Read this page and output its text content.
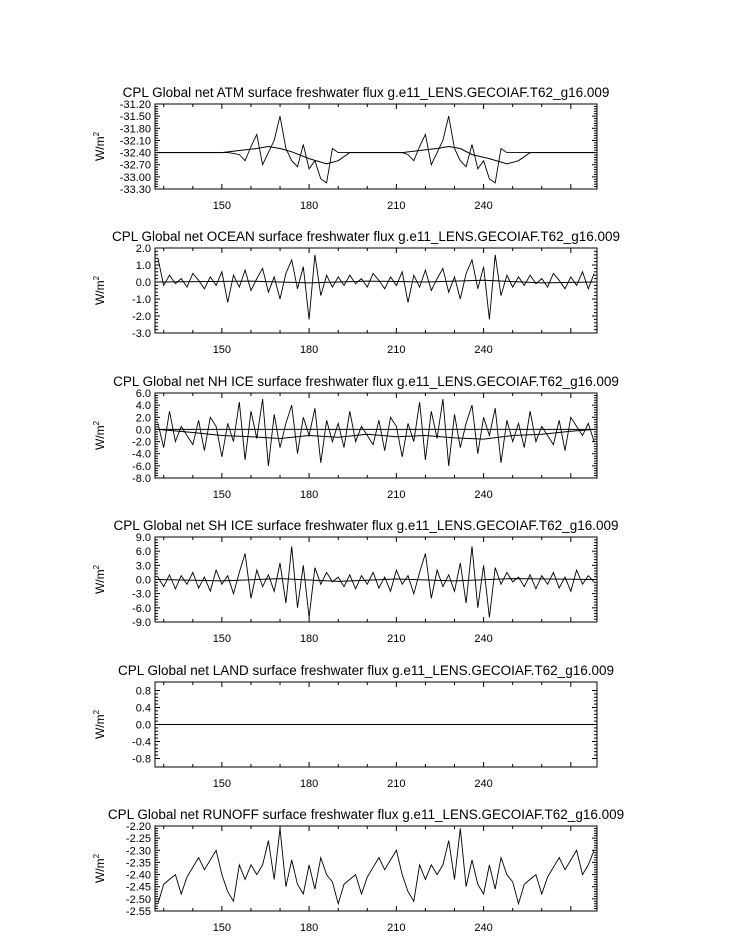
CPL Global net ATM surface freshwater flux g.e11_LENS.GECOIAF.T62_g16.009
$W/m^2$
150	180	210	240
-31.20
-31.50
-31.80
-32.10
-32.40
-32.70
-33.00
-33.30
CPL Global net OCEAN surface freshwater flux g.e11_LENS.GECOIAF.T62_g16.009
$W/m^2$
150	180	210	240
2.0
1.0
0.0
-1.0
-2.0
-3.0
CPL Global net NH ICE surface freshwater flux g.e11_LENS.GECOIAF.T62_g16.009
$W/m^2$
150	180	210	240
6.0
4.0
2.0
0.0
-2.0
-4.0
-6.0
-8.0
CPL Global net SH ICE surface freshwater flux g.e11_LENS.GECOIAF.T62_g16.009
$W/m^2$
150	180	210	240
9.0
6.0
3.0
0.0
-3.0
-6.0
-9.0
CPL Global net LAND surface freshwater flux g.e11_LENS.GECOIAF.T62_g16.009
$W/m^2$
150	180	210	240
0.8
0.4
0.0
-0.4
-0.8
CPL Global net RUNOFF surface freshwater flux g.e11_LENS.GECOIAF.T62_g16.009
$W/m^2$
150	180	210	240
-2.20
-2.25
-2.30
-2.35
-2.40
-2.45
-2.50
-2.55
